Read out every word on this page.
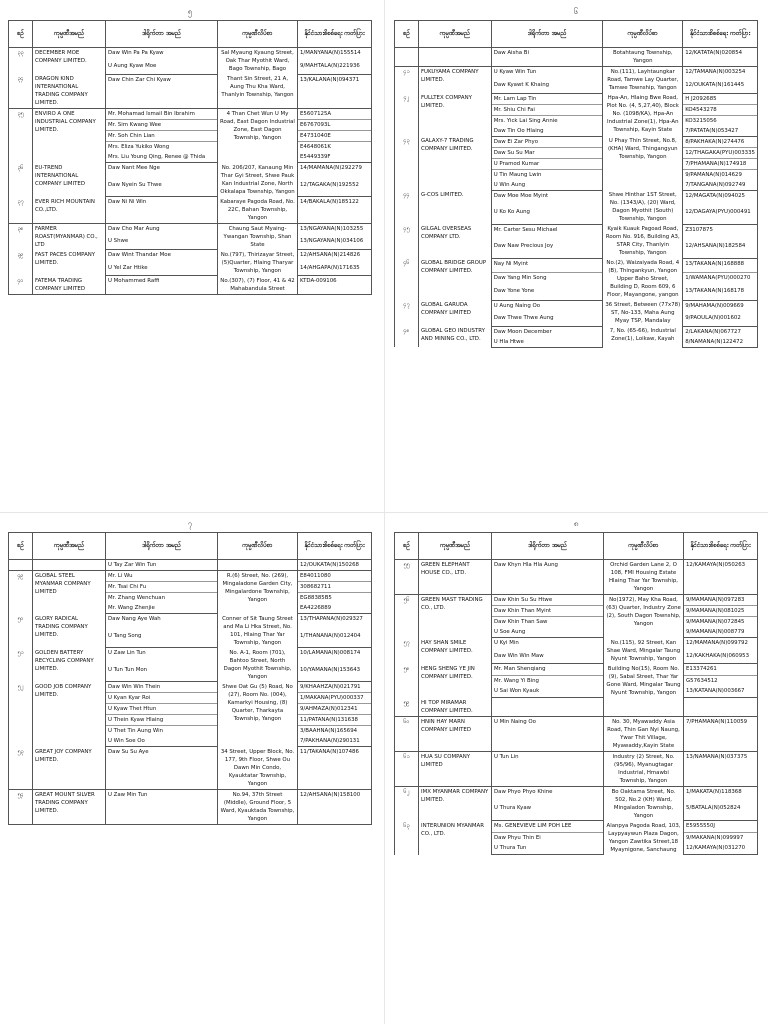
၅
စဉ်	ကုမ္ပဏီအမည်	ဒါရိုက်တာ အမည်	ကုမ္ပဏီလိပ်စာ	နိုင်ငံသားစိစစ်ရေး ကတ်ပြား
၃၃	DECEMBER MOE COMPANY LIMITED.	Daw Win Pa Pa Kyaw	Sal Myaung Kyaung Street, Oak Thar Myothit Ward, Bago Township, Bago	1/MANYANA(N)155514
		U Aung Kyaw Moe		9/MAHTALA(N)221936
၃၄	DRAGON KIND INTERNATIONAL TRADING COMPANY LIMITED.	Daw Chin Zar Chi Kyaw	Thant Sin Street, 21 A, Aung Thu Kha Ward, Thanlyin Township, Yangon	13/KALANA(N)094371
၃၅	ENVIRO A ONE INDUSTRIAL COMPANY LIMITED.	Mr. Mohamad Ismail Bin Ibrahim	4 Than Chet Wun U My Road, East Dagon Industrial Zone, East Dagon Township, Yangon	E5607125A
		Mr. Sim Kwang Wee		E6767093L
		Mr. Soh Chin Lian		E4731040E
		Mrs. Eliza Yukiko Wong		E4648061K
		Mrs. Liu Young Qing, Renee @ Thida		E5449339F
၃၆	EU-TREND INTERNATIONAL COMPANY LIMITED	Daw Nant Mee Nge	No. 206/207, Kanaung Min Thar Gyi Street, Shwe Pauk Kan Industrial Zone, North Okkalapa Township, Yangon	14/MAMANA(N)292279
		Daw Nyein Su Thwe		12/TAGAKA(N)192552
၃၇	EVER RICH MOUNTAIN CO.,LTD.	Daw Ni Ni Win	Kabaraye Pagoda Road, No. 22C, Bahan Township, Yangon	14/BAKALA(N)185122
၃၈	FARMER ROAST(MYANMAR) CO., LTD	Daw Cho Mar Aung	Chaung Saut Myaing-Ywangan Township, Shan State	13/NGAYANA(N)103255
		U Shwe		13/NGAYANA(N)034106
၃၉	FAST PACES COMPANY LIMITED.	Daw Wint Thandar Moe	No.(797), Thirizayar Street, (5)Quarter, Hlaing Tharyar Township, Yangon	12/AHSANA(N)214826
		U Yel Zar Htike		14/AHGAPA(N)171635
၄၀	FATEMA TRADING COMPANY LIMITED	U Mohammed Raffi	No.(307), (7) Floor, 41 & 42 Mahabandula Street	KTDA-009106
၆
စဉ်	ကုမ္ပဏီအမည်	ဒါရိုက်တာ အမည်	ကုမ္ပဏီလိပ်စာ	နိုင်ငံသားစိစစ်ရေး ကတ်ပြား
		Daw Aisha Bi	Botahtaung Township, Yangon	12/KATATA(N)020854
၄၁	FUKUYAMA COMPANY LIMITED.	U Kyaw Win Tun	No.(111), Layhtaungkar Road, Tamwe Lay Quarter, Tamwe Township, Yangon	12/TAMANA(N)003254
		Daw Kyawt K Khaing		12/OUKATA(N)161445
၄၂	FULLTEX COMPANY LIMITED.	Mr. Lam Lap Tin	Hpa-An, Hlaing Bwe Road, Plot No. (4, 5,27,40), Block No. (1098/KA), Hpa-An Industrial Zone(1), Hpa-An Township, Kayin State	H J2092685
		Mr. Shiu Chi Fai		KO4543278
		Mrs. Yick Lai Sing Annie		KO3215056
		Daw Tin Oo Hlaing		7/PATATA(N)053427
၄၃	GALAXY-7 TRADING COMPANY LIMITED.	Daw Ei Zar Phyo	U Phay Thin Street, No.8, (KHA) Ward, Thingangyun Township, Yangon	8/PAKHAKA(N)274476
		Daw Su Su Mar		12/THAGAKA(PYU)003335
		U Pramod Kumar		7/PHAMANA(N)174918
		U Tin Maung Lwin		9/PAMANA(N)014629
		U Win Aung		7/TANGANA(N)092749
၄၄	G-COS LIMITED.	Daw Moe Moe Myint	Shwe Hinthar 1ST Street, No. (1343/A), (20) Ward, Dagon Myothit (South) Township, Yangon	12/MAGATA(N)094025
		U Ko Ko Aung		12/DAGAYA(PYU)000491
၄၅	GILGAL OVERSEAS COMPANY LTD.	Mr. Carter Sesu Michael	Kyaik Kuauk Pagoad Road, Room No. 916, Building A3, STAR City, Thanlyin Township, Yangon	Z3107875
		Daw Naw Precious Joy		12/AHSANA(N)182584
၄၆	GLOBAL BRIDGE GROUP COMPANY LIMITED.	Nay Ni Myint	No.(2), Waizaiyada Road, 4 (B), Thingankyun, Yangon Upper Baho Street, Building D, Room 609, 6 Floor, Mayangone, yangon	13/TAKANA(N)168888
		Daw Yang Min Song		1/WAMANA(PYU)000270
		Daw Yone Yone		13/TAKANA(N)168178
၄၇	GLOBAL GARUDA COMPANY LIMITED	U Aung Naing Oo	36 Street, Between (77x78) ST, No-133, Maha Aung Myay TSP, Mandalay	9/MAHAMA(N)009669
		Daw Thwe Thwe Aung		9/PAOULA(N)001602
၄၈	GLOBAL GEO INDUSTRY AND MINING CO., LTD.	Daw Moon December	7, No. (65-66), Industrial Zone(1), Loikaw, Kayah	2/LAKANA(N)067727
		U Hla Htwe		8/NAMANA(N)122472
၇
စဉ်	ကုမ္ပဏီအမည်	ဒါရိုက်တာ အမည်	ကုမ္ပဏီလိပ်စာ	နိုင်ငံသားစိစစ်ရေး ကတ်ပြား
		U Tay Zar Win Tun		12/OUKATA(N)150268
၄၉	GLOBAL STEEL MYANMAR COMPANY LIMITED	Mr. Li Wu	R.(6) Street, No. (269), Mingaladone Garden City, Mingalardone Township, Yangon	E84011080
		Mr. Tsai Chi Fu		308682711
		Mr. Zhang Wenchuan		EG88385B5
		Mr. Wang Zhenjie		EA4226889
၅၀	GLORY RADICAL TRADING COMPANY LIMITED.	Daw Nang Aye Wah	Conner of Sit Taung Street and Ma Li Hka Street, No. 101, Hlaing Thar Yar Township, Yangon	13/THAPANA(N)029327
		U Tang Song		1/THANANA(N)012404
၅၁	GOLDEN BATTERY RECYCLING COMPANY LIMITED.	U Zaw Lin Tun	No. A-1, Room (701), Bahtoo Street, North Dagon Myothit Township, Yangon	10/LAMANA(N)008174
		U Tun Tun Mon		10/YAMANA(N)153643
၅၂	GOOD JOB COMPANY LIMITED.	Daw Win Win Thein	Shwe Oat Gu (5) Road, No (27), Room No. (004), Kamarkyi Housing, (8) Quarter, Tharkayta Township, Yangon	9/KHAAHZA(N)021791
		U Kyan Kyar Roi		1/MAKANA(PYU)000337
		U Kyaw Thet Htun		9/AHMAZA(N)012341
		U Thein Kyaw Hlaing		11/PATANA(N)131638
		U Thet Tin Aung Win		3/BAAHNA(N)165694
		U Win Soe Oo		7/PAKHANA(N)290131
၅၃	GREAT JOY COMPANY LIMITED.	Daw Su Su Aye	34 Street, Upper Block, No. 177, 9th Floor, Shwe Ou Dawn Min Condo, Kyauktatar Township, Yangon	11/TAKANA(N)107486
၅၄	GREAT MOUNT SILVER TRADING COMPANY LIMITED.	U Zaw Min Tun	No.94, 37th Street (Middle), Ground Floor, 5 Ward, Kyauktada Township, Yangon	12/AHSANA(N)158100
၈
စဉ်	ကုမ္ပဏီအမည်	ဒါရိုက်တာ အမည်	ကုမ္ပဏီလိပ်စာ	နိုင်ငံသားစိစစ်ရေး ကတ်ပြား
၅၅	GREEN ELEPHANT HOUSE CO., LTD.	Daw Khyn Hla Hla Aung	Orchid Garden Lane 2, O 108, FMI Housing Estate Hlaing Thar Yar Township, Yangon	12/KAMAYA(N)050263
၅၆	GREEN MAST TRADING CO., LTD.	Daw Khin Su Su Htwe	No(1972), May Kha Road, (63) Quarter, Industry Zone (2), South Dagon Township, Yangon	9/MAMANA(N)097283
		Daw Khin Than Myint		9/MAMANA(N)081025
		Daw Khin Than Saw		9/MAMANA(N)072845
		U Soe Aung		9/MAMANA(N)008779
၅၇	HAY SHAN SMILE COMPANY LIMITED.	U Kyi Min	No.(115), 92 Street, Kan Shae Ward, Mingalar Taung Nyunt Township, Yangon	12/MAMANA(N)099792
		Daw Win Win Maw		12/KAKHAKA(N)060953
၅၈	HENG SHENG YE JIN COMPANY LIMITED.	Mr. Man Shenqiang	Building No(15), Room No. (9), Sabal Street, Thar Yar Gone Ward, Mingalar Taung Nyunt Township, Yangon	E13374261
		Mr. Wang Yi Bing		G57634512
		U Sai Won Kyauk		13/KATANA(N)003667
၅၉	HI TOP MIRAMAR COMPANY LIMITED.			
၆၀	HNIN HAY MARN COMPANY LIMITED	U Min Naing Oo	No. 30, Myawaddy Asia Road, Thin Gan Nyi Naung, Ywar Thit Village, Myawaddy,Kayin State	7/PHAMANA(N)110059
၆၁	HUA SU COMPANY LIMITED	U Tun Lin	Industry (2) Street, No. (95/96), Myanugtagar Industrial, Hmawbi Township, Yangon	13/NAMANA(N)037375
၆၂	IMX MYANMAR COMPANY LIMITED.	Daw Phyo Phyo Khine	Bo Oaktama Street, No. 502, No.2 (KH) Ward, Mingaladon Township, Yangon	1/MAKATA(N)118368
		U Thura Kyaw		5/BATALA(N)052824
၆၃	INTERUNION MYANMAR CO., LTD.	Ms. GENEVIEVE LIM POH LEE	Alanpya Pagoda Road, 103, Laypyaywun Plaza Dagon, Yangon Zawtika Street,18 Myaynigone, Sanchaung	E5955550J
		Daw Phyu Thin Ei		9/MAKANA(N)099997
		U Thura Tun		12/KAMAYA(N)031270
